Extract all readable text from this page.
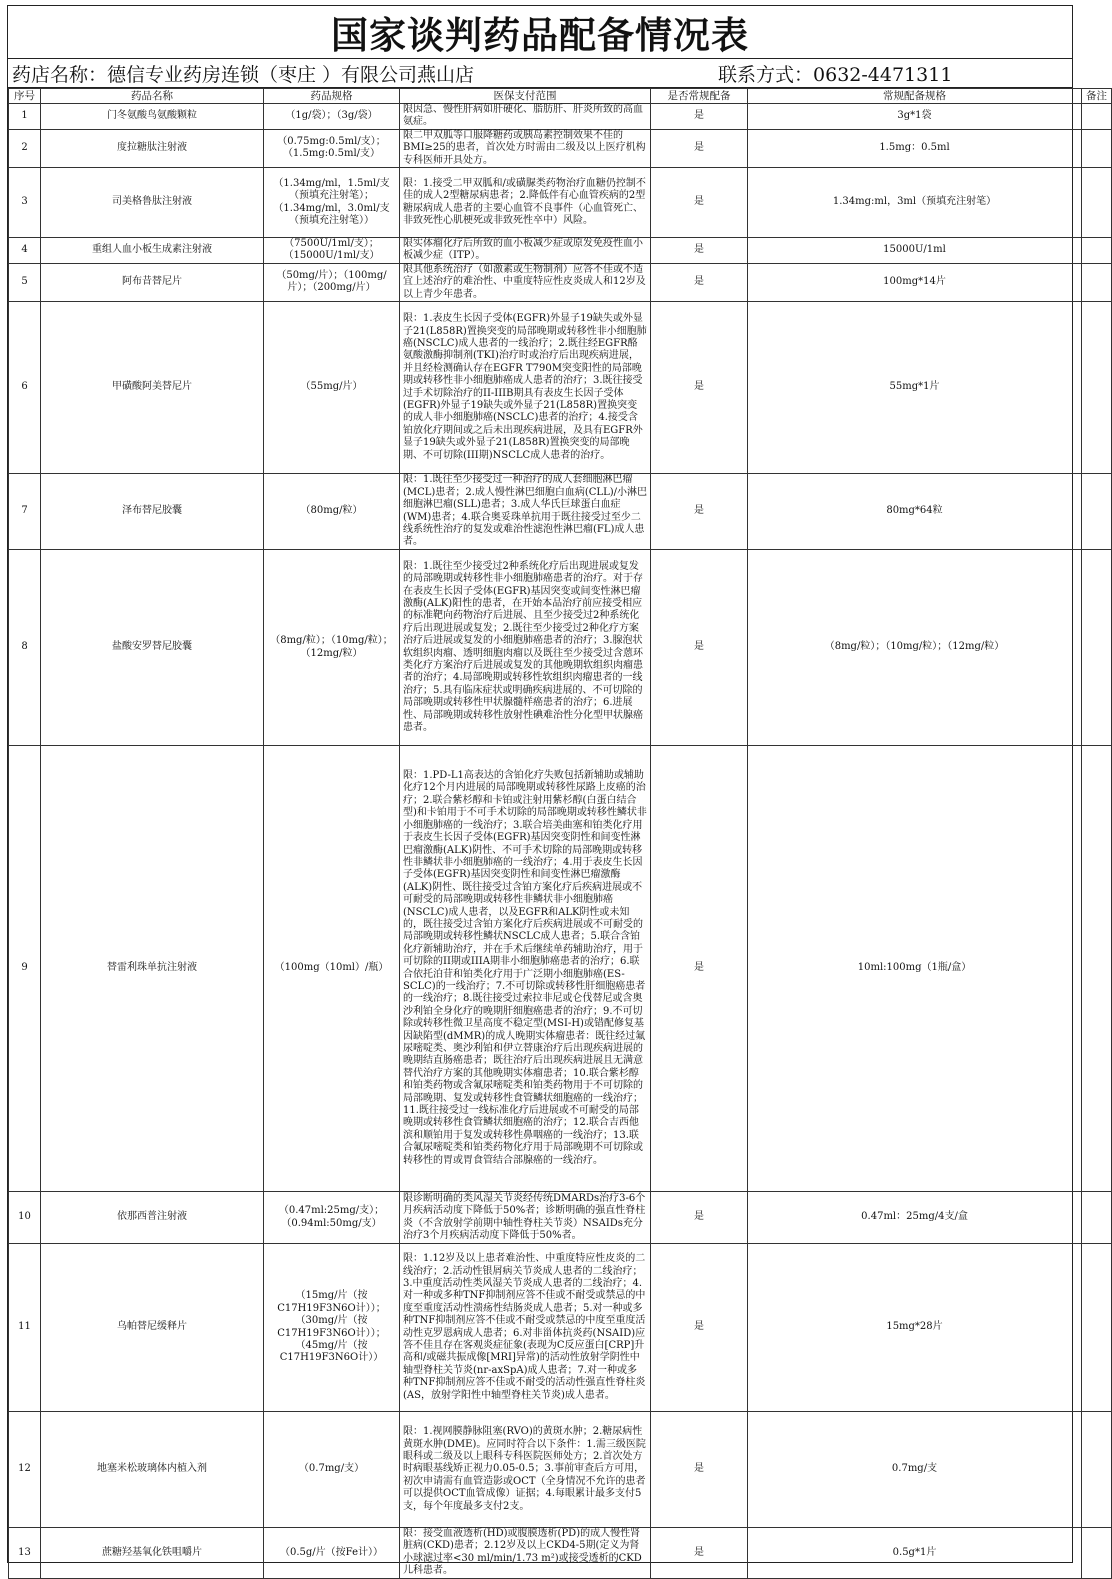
国家谈判药品配备情况表
药店名称：德信专业药房连锁（枣庄 ）有限公司燕山店	联系方式：0632-4471311
序号	药品名称	药品规格	医保支付范围	是否常规配备	常规配备规格	备注
1	门冬氨酸鸟氨酸颗粒	（1g/袋）；（3g/袋）	限因急、慢性肝病如肝硬化、脂肪肝、肝炎所致的高血氨症。	是	3g*1袋	
2	度拉糖肽注射液	（0.75mg:0.5ml/支）；（1.5mg:0.5ml/支）	限二甲双胍等口服降糖药或胰岛素控制效果不佳的BMI≥25的患者，首次处方时需由二级及以上医疗机构专科医师开具处方。	是	1.5mg：0.5ml	
3	司美格鲁肽注射液	（1.34mg/ml，1.5ml/支（预填充注射笔）；（1.34mg/ml，3.0ml/支（预填充注射笔））	限：1.接受二甲双胍和/或磺脲类药物治疗血糖仍控制不佳的成人2型糖尿病患者；2.降低伴有心血管疾病的2型糖尿病成人患者的主要心血管不良事件（心血管死亡、非致死性心肌梗死或非致死性卒中）风险。	是	1.34mg:ml，3ml（预填充注射笔）	
4	重组人血小板生成素注射液	（7500U/1ml/支）；（15000U/1ml/支）	限实体瘤化疗后所致的血小板减少症或原发免疫性血小板减少症（ITP）。	是	15000U/1ml	
5	阿布昔替尼片	（50mg/片）；（100mg/片）；（200mg/片）	限其他系统治疗（如激素或生物制剂）应答不佳或不适宜上述治疗的难治性、中重度特应性皮炎成人和12岁及以上青少年患者。	是	100mg*14片	
6	甲磺酸阿美替尼片	（55mg/片）	限：1.表皮生长因子受体(EGFR)外显子19缺失或外显子21(L858R)置换突变的局部晚期或转移性非小细胞肺癌(NSCLC)成人患者的一线治疗；2.既往经EGFR酪氨酸激酶抑制剂(TKI)治疗时或治疗后出现疾病进展，并且经检测确认存在EGFR T790M突变阳性的局部晚期或转移性非小细胞肺癌成人患者的治疗；3.既往接受过手术切除治疗的II-IIIB期具有表皮生长因子受体(EGFR)外显子19缺失或外显子21(L858R)置换突变的成人非小细胞肺癌(NSCLC)患者的治疗；4.接受含铂放化疗期间或之后未出现疾病进展，及具有EGFR外显子19缺失或外显子21(L858R)置换突变的局部晚期、不可切除(III期)NSCLC成人患者的治疗。	是	55mg*1片	
7	泽布替尼胶囊	（80mg/粒）	限：1.既往至少接受过一种治疗的成人套细胞淋巴瘤(MCL)患者；2.成人慢性淋巴细胞白血病(CLL)/小淋巴细胞淋巴瘤(SLL)患者；3.成人华氏巨球蛋白血症(WM)患者；4.联合奥妥珠单抗用于既往接受过至少二线系统性治疗的复发或难治性滤泡性淋巴瘤(FL)成人患者。	是	80mg*64粒	
8	盐酸安罗替尼胶囊	（8mg/粒）；（10mg/粒）；（12mg/粒）	限：1.既往至少接受过2种系统化疗后出现进展或复发的局部晚期或转移性非小细胞肺癌患者的治疗。对于存在表皮生长因子受体(EGFR)基因突变或间变性淋巴瘤激酶(ALK)阳性的患者，在开始本品治疗前应接受相应的标准靶向药物治疗后进展、且至少接受过2种系统化疗后出现进展或复发；2.既往至少接受过2种化疗方案治疗后进展或复发的小细胞肺癌患者的治疗；3.腺泡状软组织肉瘤、透明细胞肉瘤以及既往至少接受过含蒽环类化疗方案治疗后进展或复发的其他晚期软组织肉瘤患者的治疗；4.局部晚期或转移性软组织肉瘤患者的一线治疗；5.具有临床症状或明确疾病进展的、不可切除的局部晚期或转移性甲状腺髓样癌患者的治疗；6.进展性、局部晚期或转移性放射性碘难治性分化型甲状腺癌患者。	是	（8mg/粒）；（10mg/粒）；（12mg/粒）	
9	替雷利珠单抗注射液	（100mg（10ml）/瓶）	限：1.PD-L1高表达的含铂化疗失败包括新辅助或辅助化疗12个月内进展的局部晚期或转移性尿路上皮癌的治疗；2.联合紫杉醇和卡铂或注射用紫杉醇(白蛋白结合型)和卡铂用于不可手术切除的局部晚期或转移性鳞状非小细胞肺癌的一线治疗；3.联合培美曲塞和铂类化疗用于表皮生长因子受体(EGFR)基因突变阴性和间变性淋巴瘤激酶(ALK)阴性、不可手术切除的局部晚期或转移性非鳞状非小细胞肺癌的一线治疗；4.用于表皮生长因子受体(EGFR)基因突变阴性和间变性淋巴瘤激酶(ALK)阴性、既往接受过含铂方案化疗后疾病进展或不可耐受的局部晚期或转移性非鳞状非小细胞肺癌(NSCLC)成人患者，以及EGFR和ALK阴性或未知的，既往接受过含铂方案化疗后疾病进展或不可耐受的局部晚期或转移性鳞状NSCLC成人患者；5.联合含铂化疗新辅助治疗，并在手术后继续单药辅助治疗，用于可切除的II期或IIIA期非小细胞肺癌患者的治疗；6.联合依托泊苷和铂类化疗用于广泛期小细胞肺癌(ES-SCLC)的一线治疗；7.不可切除或转移性肝细胞癌患者的一线治疗；8.既往接受过索拉非尼或仑伐替尼或含奥沙利铂全身化疗的晚期肝细胞癌患者的治疗；9.不可切除或转移性微卫星高度不稳定型(MSI-H)或错配修复基因缺陷型(dMMR)的成人晚期实体瘤患者：既往经过氟尿嘧啶类、奥沙利铂和伊立替康治疗后出现疾病进展的晚期结直肠癌患者；既往治疗后出现疾病进展且无满意替代治疗方案的其他晚期实体瘤患者；10.联合紫杉醇和铂类药物或含氟尿嘧啶类和铂类药物用于不可切除的局部晚期、复发或转移性食管鳞状细胞癌的一线治疗；11.既往接受过一线标准化疗后进展或不可耐受的局部晚期或转移性食管鳞状细胞癌的治疗；12.联合吉西他滨和顺铂用于复发或转移性鼻咽癌的一线治疗；13.联合氟尿嘧啶类和铂类药物化疗用于局部晚期不可切除或转移性的胃或胃食管结合部腺癌的一线治疗。	是	10ml:100mg（1瓶/盒）	
10	依那西普注射液	（0.47ml:25mg/支）；（0.94ml:50mg/支）	限诊断明确的类风湿关节炎经传统DMARDs治疗3-6个月疾病活动度下降低于50%者；诊断明确的强直性脊柱炎（不含放射学前期中轴性脊柱关节炎）NSAIDs充分治疗3个月疾病活动度下降低于50%者。	是	0.47ml：25mg/4支/盒	
11	乌帕替尼缓释片	（15mg/片（按C17H19F3N6O计））；（30mg/片（按C17H19F3N6O计））；（45mg/片（按C17H19F3N6O计））	限：1.12岁及以上患者难治性、中重度特应性皮炎的二线治疗；2.活动性银屑病关节炎成人患者的二线治疗；3.中重度活动性类风湿关节炎成人患者的二线治疗；4.对一种或多种TNF抑制剂应答不佳或不耐受或禁忌的中度至重度活动性溃疡性结肠炎成人患者；5.对一种或多种TNF抑制剂应答不佳或不耐受或禁忌的中度至重度活动性克罗恩病成人患者；6.对非甾体抗炎药(NSAID)应答不佳且存在客观炎症征象(表现为C反应蛋白[CRP]升高和/或磁共振成像[MRI]异常)的活动性放射学阴性中轴型脊柱关节炎(nr-axSpA)成人患者；7.对一种或多种TNF抑制剂应答不佳或不耐受的活动性强直性脊柱炎(AS，放射学阳性中轴型脊柱关节炎)成人患者。	是	15mg*28片	
12	地塞米松玻璃体内植入剂	（0.7mg/支）	限：1.视网膜静脉阻塞(RVO)的黄斑水肿；2.糖尿病性黄斑水肿(DME)。应同时符合以下条件：1.需三级医院眼科或二级及以上眼科专科医院医师处方；2.首次处方时病眼基线矫正视力0.05-0.5；3.事前审查后方可用，初次申请需有血管造影或OCT（全身情况不允许的患者可以提供OCT血管成像）证据；4.每眼累计最多支付5支，每个年度最多支付2支。	是	0.7mg/支	
13	蔗糖羟基氧化铁咀嚼片	（0.5g/片（按Fe计））	限：接受血液透析(HD)或腹膜透析(PD)的成人慢性肾脏病(CKD)患者；2.12岁及以上CKD4-5期(定义为肾小球滤过率<30 ml/min/1.73 m²)或接受透析的CKD儿科患者。	是	0.5g*1片	
